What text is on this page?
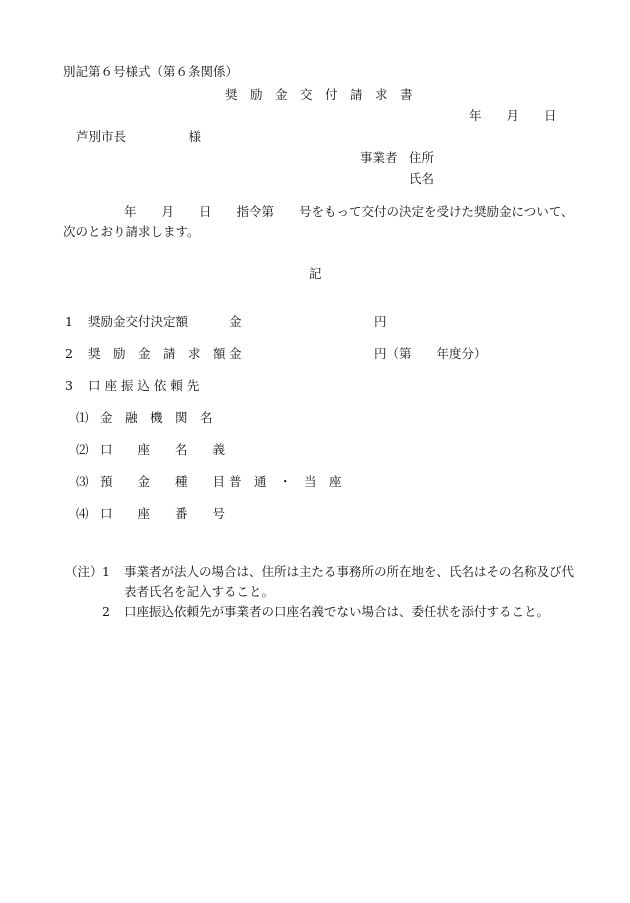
別記第６号様式（第６条関係）
奨　励　金　交　付　請　求　書
年　　月　　日
芦別市長　　　　　様
事業者 住所
氏名
年　　月　　日　　指令第　　号をもって交付の決定を受けた奨励金について、
次のとおり請求します。
記
1 奨励金交付決定額	金	円
2 奨　励　金　請　求　額 金	円（第　　年度分）
3 口 座 振 込 依 頼 先
⑴ 金　融　機　関　名
⑵ 口　　座　　名　　義
⑶ 預　　金　　種　　目 普　通　・　当　座
⑷ 口　　座　　番　　号
（注） 1 事業者が法人の場合は、住所は主たる事務所の所在地を、氏名はその名称及び代
表者氏名を記入すること。
2 口座振込依頼先が事業者の口座名義でない場合は、委任状を添付すること。
